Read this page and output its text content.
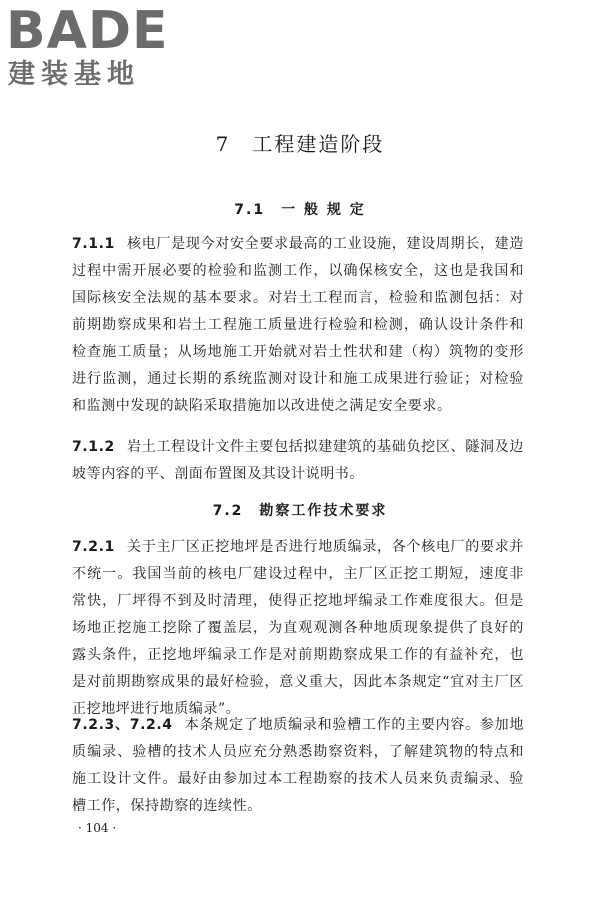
BADE
建装基地
7　工程建造阶段
7.1　一 般 规 定
7.1.1 核电厂是现今对安全要求最高的工业设施，建设周期长，建造过程中需开展必要的检验和监测工作，以确保核安全，这也是我国和国际核安全法规的基本要求。对岩土工程而言，检验和监测包括：对前期勘察成果和岩土工程施工质量进行检验和检测，确认设计条件和检查施工质量；从场地施工开始就对岩土性状和建（构）筑物的变形进行监测，通过长期的系统监测对设计和施工成果进行验证；对检验和监测中发现的缺陷采取措施加以改进使之满足安全要求。
7.1.2 岩土工程设计文件主要包括拟建建筑的基础负挖区、隧洞及边坡等内容的平、剖面布置图及其设计说明书。
7.2　勘察工作技术要求
7.2.1 关于主厂区正挖地坪是否进行地质编录，各个核电厂的要求并不统一。我国当前的核电厂建设过程中，主厂区正挖工期短，速度非常快，厂坪得不到及时清理，使得正挖地坪编录工作难度很大。但是场地正挖施工挖除了覆盖层，为直观观测各种地质现象提供了良好的露头条件，正挖地坪编录工作是对前期勘察成果工作的有益补充，也是对前期勘察成果的最好检验，意义重大，因此本条规定“宜对主厂区正挖地坪进行地质编录”。
7.2.3、7.2.4 本条规定了地质编录和验槽工作的主要内容。参加地质编录、验槽的技术人员应充分熟悉勘察资料，了解建筑物的特点和施工设计文件。最好由参加过本工程勘察的技术人员来负责编录、验槽工作，保持勘察的连续性。
· 104 ·
